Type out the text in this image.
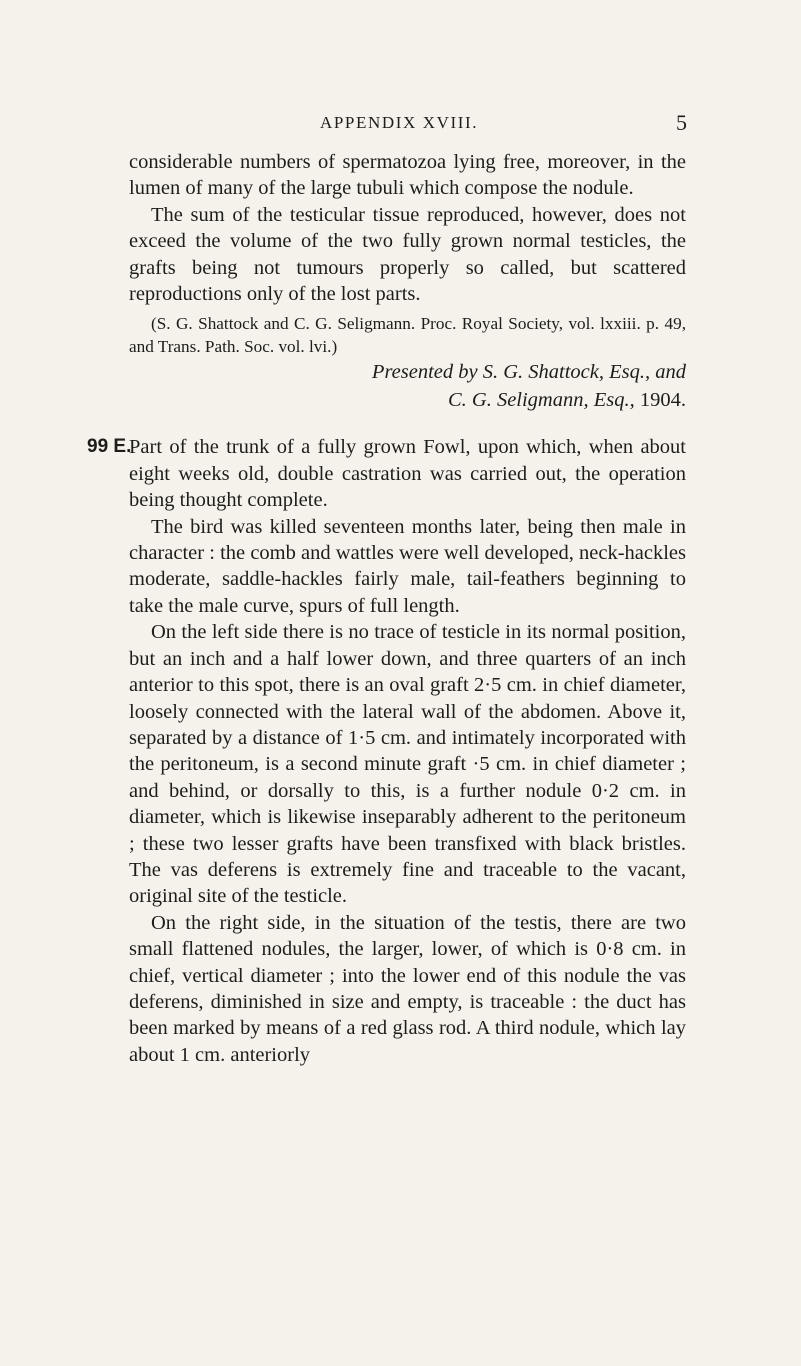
APPENDIX XVIII.	5

considerable numbers of spermatozoa lying free, moreover, in the lumen of many of the large tubuli which compose the nodule.

The sum of the testicular tissue reproduced, however, does not exceed the volume of the two fully grown normal testicles, the grafts being not tumours properly so called, but scattered reproductions only of the lost parts.

(S. G. Shattock and C. G. Seligmann. Proc. Royal Society, vol. lxxiii. p. 49, and Trans. Path. Soc. vol. lvi.)

Presented by S. G. Shattock, Esq., and
C. G. Seligmann, Esq., 1904.
99 E.

Part of the trunk of a fully grown Fowl, upon which, when about eight weeks old, double castration was carried out, the operation being thought complete.

The bird was killed seventeen months later, being then male in character : the comb and wattles were well developed, neck-hackles moderate, saddle-hackles fairly male, tail-feathers beginning to take the male curve, spurs of full length.

On the left side there is no trace of testicle in its normal position, but an inch and a half lower down, and three quarters of an inch anterior to this spot, there is an oval graft 2·5 cm. in chief diameter, loosely connected with the lateral wall of the abdomen. Above it, separated by a distance of 1·5 cm. and intimately incorporated with the peritoneum, is a second minute graft ·5 cm. in chief diameter ; and behind, or dorsally to this, is a further nodule 0·2 cm. in diameter, which is likewise inseparably adherent to the peritoneum ; these two lesser grafts have been transfixed with black bristles. The vas deferens is extremely fine and traceable to the vacant, original site of the testicle.

On the right side, in the situation of the testis, there are two small flattened nodules, the larger, lower, of which is 0·8 cm. in chief, vertical diameter ; into the lower end of this nodule the vas deferens, diminished in size and empty, is traceable : the duct has been marked by means of a red glass rod. A third nodule, which lay about 1 cm. anteriorly
